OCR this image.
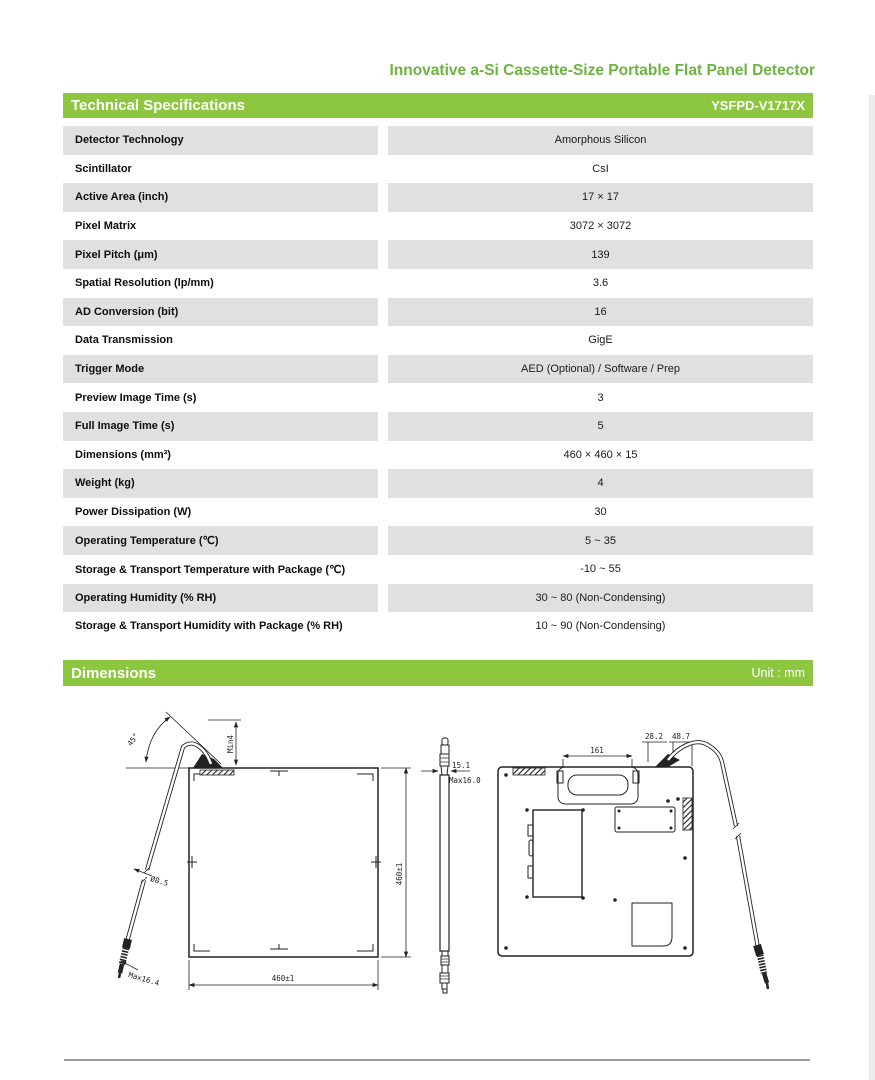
Innovative a-Si Cassette-Size Portable Flat Panel Detector
Technical Specifications	YSFPD-V1717X
Detector Technology	Amorphous Silicon
Scintillator	CsI
Active Area (inch)	17 × 17
Pixel Matrix	3072 × 3072
Pixel Pitch (μm)	139
Spatial Resolution (lp/mm)	3.6
AD Conversion (bit)	16
Data Transmission	GigE
Trigger Mode	AED (Optional) / Software / Prep
Preview Image Time (s)	3
Full Image Time (s)	5
Dimensions (mm³)	460 × 460 × 15
Weight (kg)	4
Power Dissipation (W)	30
Operating Temperature (℃)	5 ~ 35
Storage & Transport Temperature with Package (℃)	-10 ~ 55
Operating Humidity (% RH)	30 ~ 80 (Non-Condensing)
Storage & Transport Humidity with Package (% RH)	10 ~ 90 (Non-Condensing)
Dimensions	Unit : mm
45°	Min4
Ø8.5
Max16.4	460±1
460±1
15.1
Max16.0
161
28.2 48.7
